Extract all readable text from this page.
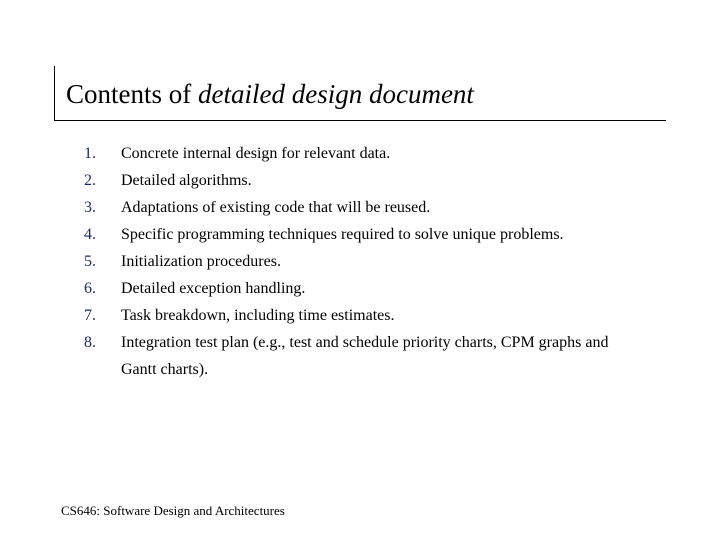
Contents of detailed design document
1.	Concrete internal design for relevant data.
2.	Detailed algorithms.
3.	Adaptations of existing code that will be reused.
4.	Specific programming techniques required to solve unique problems.
5.	Initialization procedures.
6.	Detailed exception handling.
7.	Task breakdown, including time estimates.
8.	Integration test plan (e.g., test and schedule priority charts, CPM graphs and Gantt charts).
CS646: Software Design and Architectures
